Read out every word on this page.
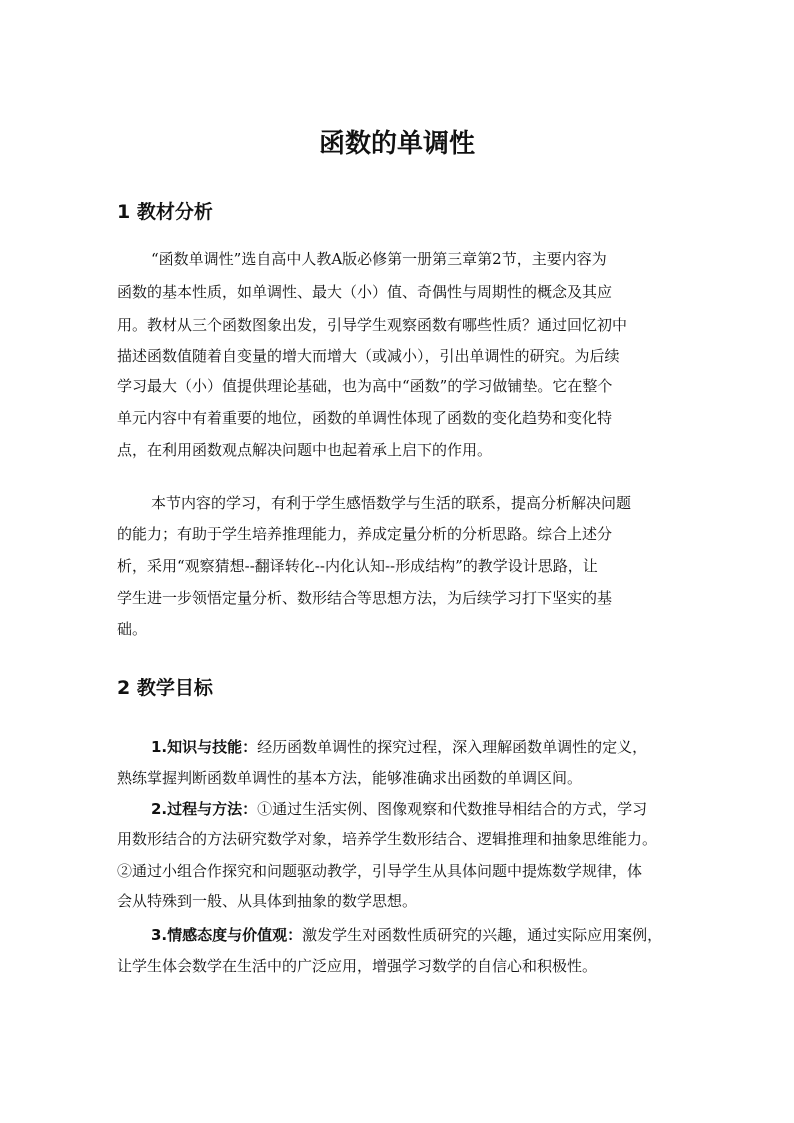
函数的单调性
1 教材分析
“函数单调性”选自高中人教A版必修第一册第三章第2节，主要内容为
函数的基本性质，如单调性、最大（小）值、奇偶性与周期性的概念及其应
用。教材从三个函数图象出发，引导学生观察函数有哪些性质？通过回忆初中
描述函数值随着自变量的增大而增大（或减小），引出单调性的研究。为后续
学习最大（小）值提供理论基础，也为高中“函数”的学习做铺垫。它在整个
单元内容中有着重要的地位，函数的单调性体现了函数的变化趋势和变化特
点，在利用函数观点解决问题中也起着承上启下的作用。
本节内容的学习，有利于学生感悟数学与生活的联系，提高分析解决问题
的能力；有助于学生培养推理能力，养成定量分析的分析思路。综合上述分
析，采用“观察猜想--翻译转化--内化认知--形成结构”的教学设计思路，让
学生进一步领悟定量分析、数形结合等思想方法，为后续学习打下坚实的基
础。
2 教学目标
1.知识与技能：经历函数单调性的探究过程，深入理解函数单调性的定义，
熟练掌握判断函数单调性的基本方法，能够准确求出函数的单调区间。
2.过程与方法：①通过生活实例、图像观察和代数推导相结合的方式，学习
用数形结合的方法研究数学对象，培养学生数形结合、逻辑推理和抽象思维能力。
②通过小组合作探究和问题驱动教学，引导学生从具体问题中提炼数学规律，体
会从特殊到一般、从具体到抽象的数学思想。
3.情感态度与价值观：激发学生对函数性质研究的兴趣，通过实际应用案例，
让学生体会数学在生活中的广泛应用，增强学习数学的自信心和积极性。
